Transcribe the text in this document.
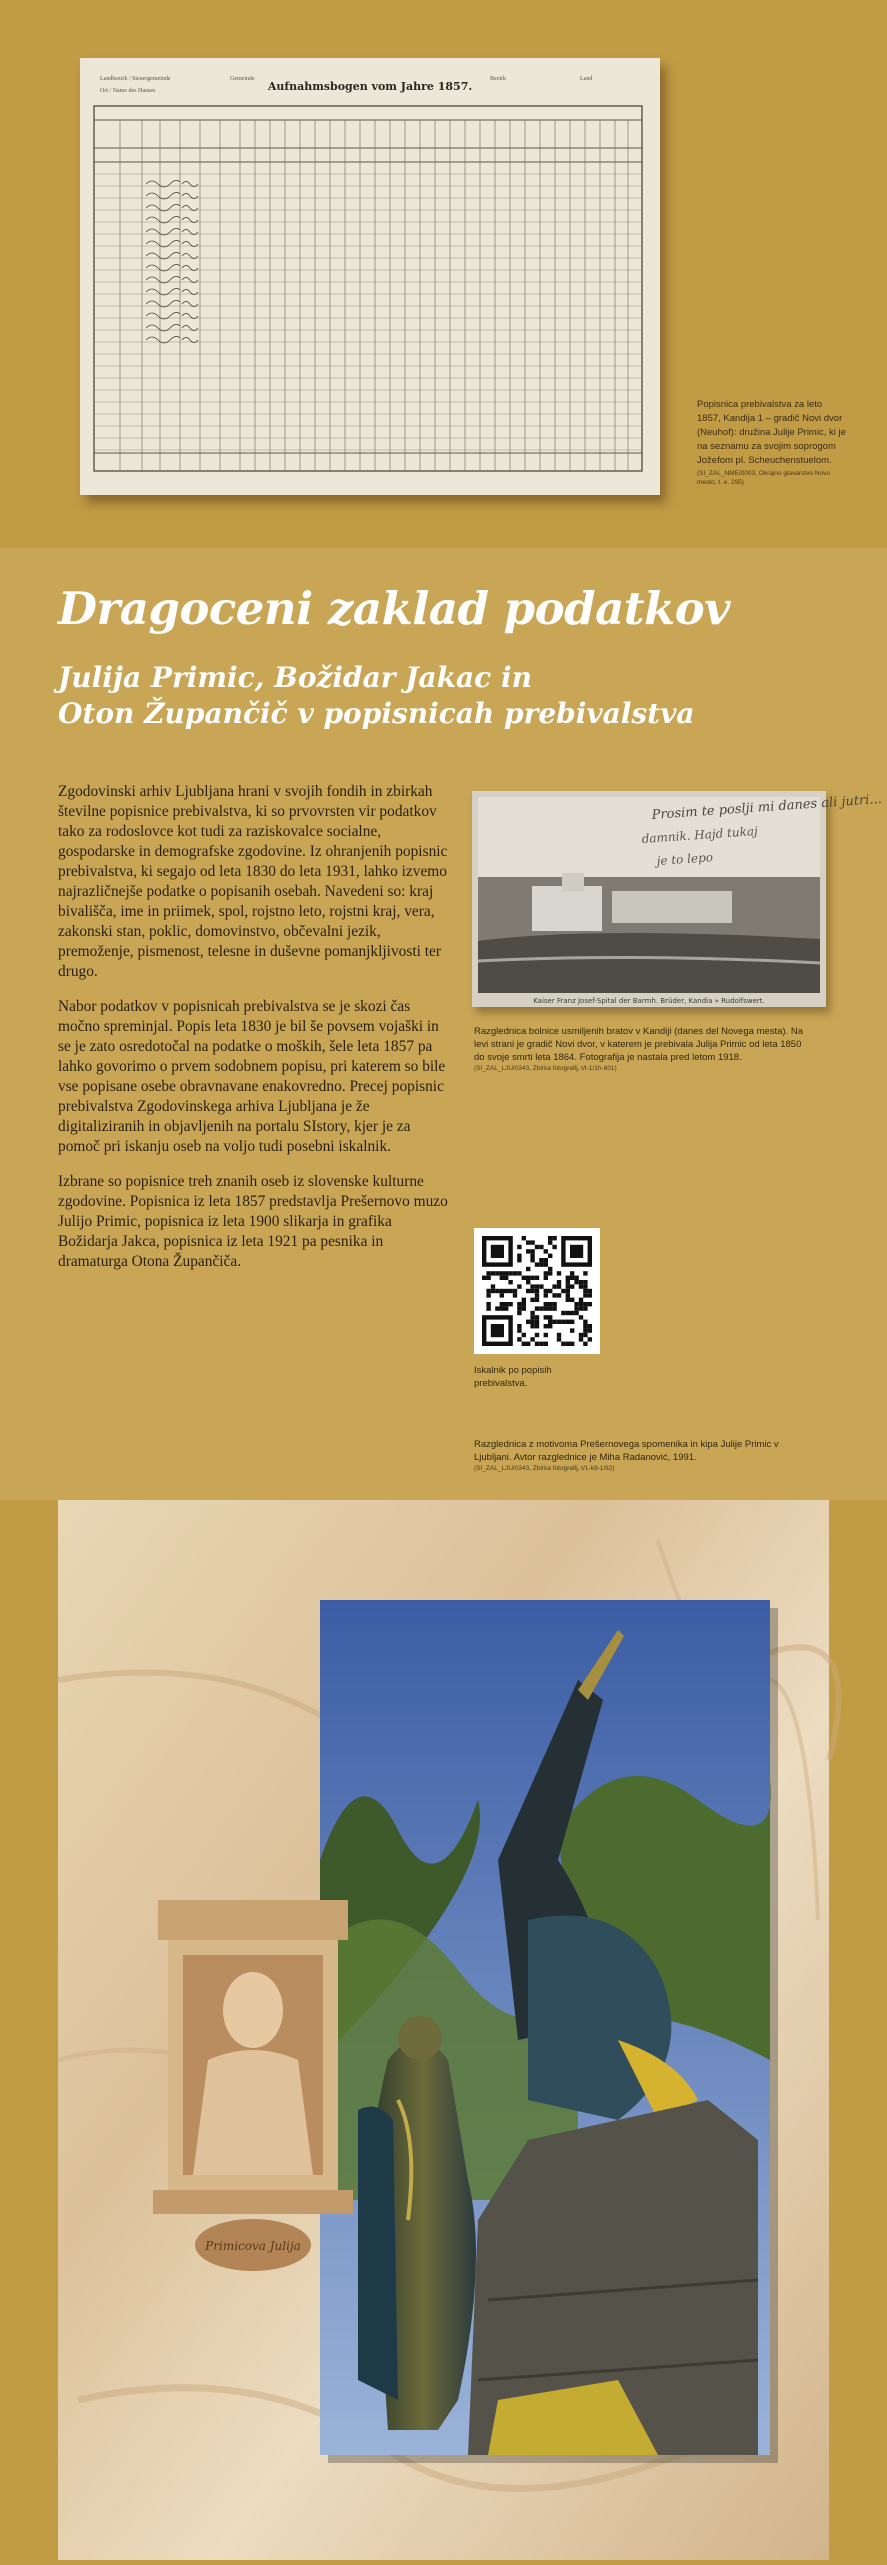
Landbezirk / Steuergemeinde
Ort / Name des Hauses
Gemeinde	Bezirk	Land
Aufnahmsbogen vom Jahre 1857.
Popisnica prebivalstva za leto 1857, Kandija 1 – gradič Novi dvor (Neuhof): družina Julije Primic, ki je na seznamu za svojim soprogom Jožefom pl. Scheuchenstuelom.
(SI_ZAL_NME/0003, Okrajno glavarstvo Novo mesto, t. e. 295)
Dragoceni zaklad podatkov
Julija Primic, Božidar Jakac in
Oton Župančič v popisnicah prebivalstva

Zgodovinski arhiv Ljubljana hrani v svojih fondih in zbirkah številne popisnice prebivalstva, ki so prvovrsten vir podatkov tako za rodoslovce kot tudi za raziskovalce socialne, gospodarske in demografske zgodovine. Iz ohranjenih popisnic prebivalstva, ki segajo od leta 1830 do leta 1931, lahko izvemo najrazličnejše podatke o popisanih osebah. Navedeni so: kraj bivališča, ime in priimek, spol, rojstno leto, rojstni kraj, vera, zakonski stan, poklic, domovinstvo, občevalni jezik, premoženje, pismenost, telesne in duševne pomanjkljivosti ter drugo.

Nabor podatkov v popisnicah prebivalstva se je skozi čas močno spreminjal. Popis leta 1830 je bil še povsem vojaški in se je zato osredotočal na podatke o moških, šele leta 1857 pa lahko govorimo o prvem sodobnem popisu, pri katerem so bile vse popisane osebe obravnavane enakovredno. Precej popisnic prebivalstva Zgodovinskega arhiva Ljubljana je že digitaliziranih in objavljenih na portalu SIstory, kjer je za pomoč pri iskanju oseb na voljo tudi posebni iskalnik.

Izbrane so popisnice treh znanih oseb iz slovenske kulturne zgodovine. Popisnica iz leta 1857 predstavlja Prešernovo muzo Julijo Primic, popisnica iz leta 1900 slikarja in grafika Božidarja Jakca, popisnica iz leta 1921 pa pesnika in dramaturga Otona Župančiča.

Prosim te poslji mi danes ali jutri...
damnik. Hajd tukaj
je to lepo
Kaiser Franz Josef-Spital der Barmh. Brüder, Kandia » Rudolfswert.
Razglednica bolnice usmiljenih bratov v Kandiji (danes del Novega mesta). Na levi strani je gradič Novi dvor, v katerem je prebivala Julija Primic od leta 1850 do svoje smrti leta 1864. Fotografija je nastala pred letom 1918.
(SI_ZAL_LJU/0343, Zbirka fotografij, t/t-1/1h-601)
Iskalnik po popisih
prebivalstva.
Razglednica z motivoma Prešernovega spomenika in kipa Julije Primic v Ljubljani. Avtor razglednice je Miha Radanović, 1991.
(SI_ZAL_LJU/0343, Zbirka fotografij, t/1-k9-1/82)
Primicova Julija
